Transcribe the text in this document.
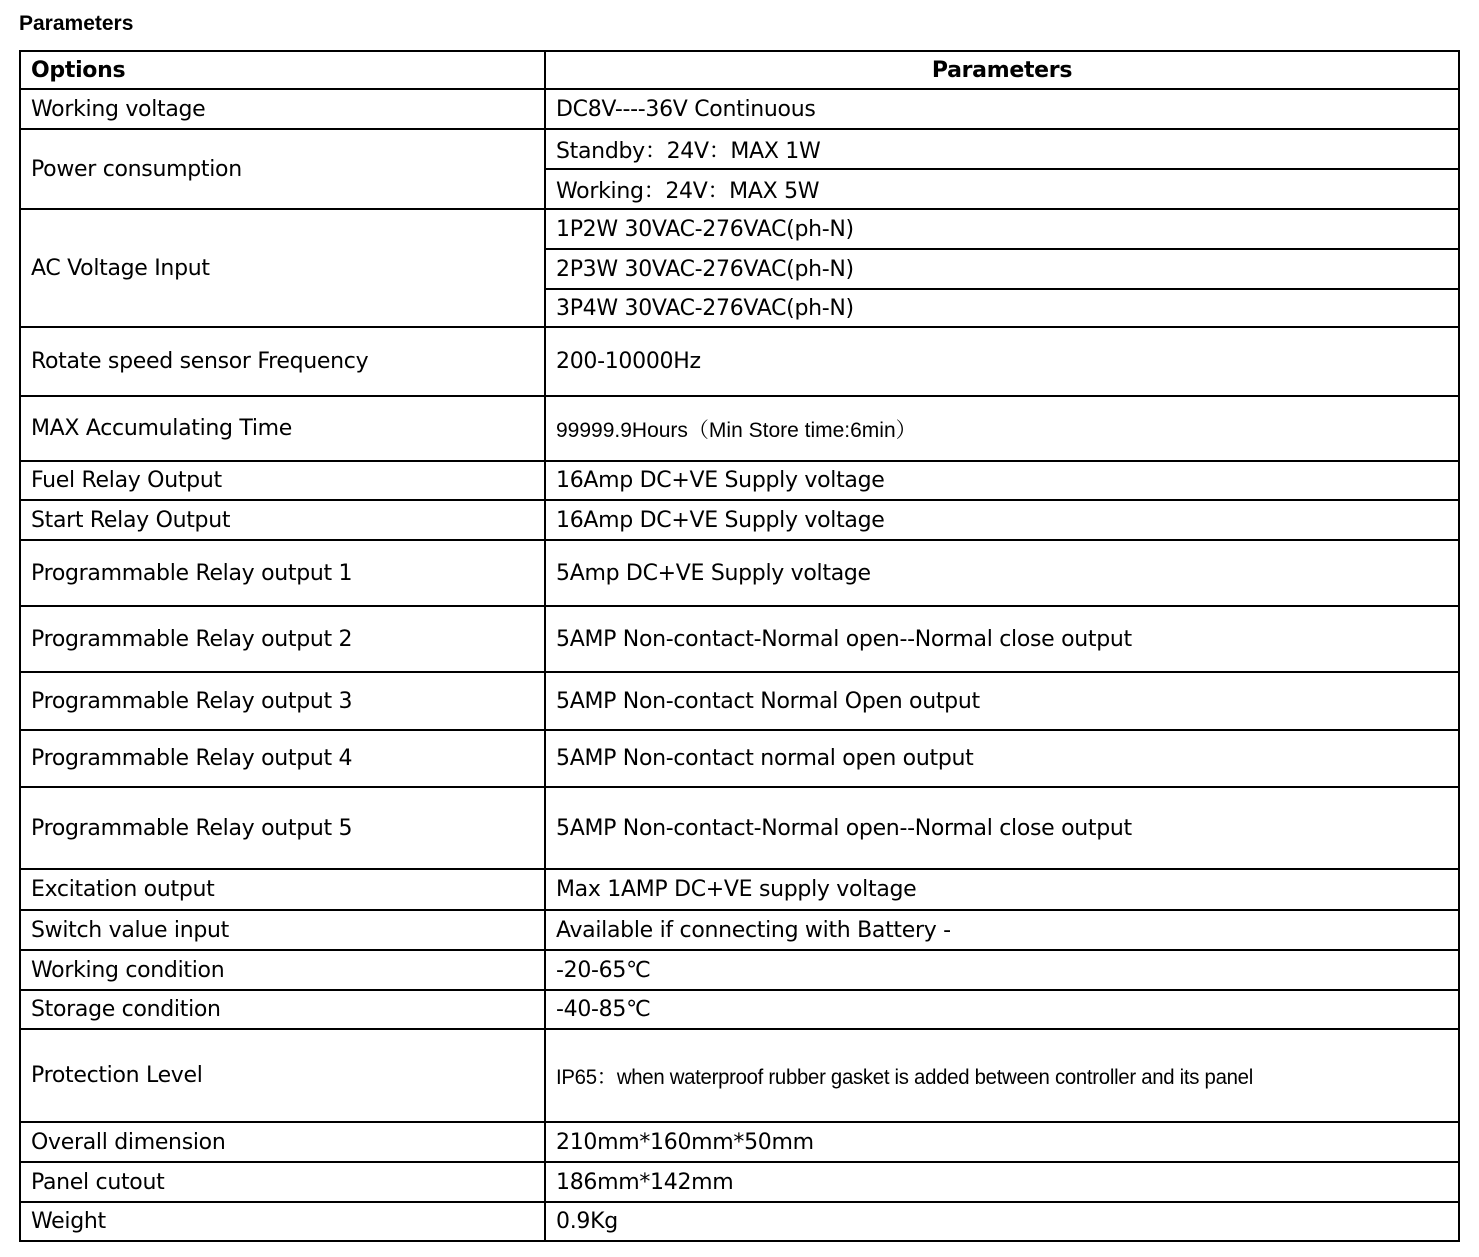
Parameters
Options	Parameters
Working voltage	DC8V----36V Continuous
Power consumption	Standby：24V：MAX 1W
	Working：24V：MAX 5W
AC Voltage Input	1P2W 30VAC-276VAC(ph-N)
	2P3W 30VAC-276VAC(ph-N)
	3P4W 30VAC-276VAC(ph-N)
Rotate speed sensor Frequency	200-10000Hz
MAX Accumulating Time	99999.9Hours（Min Store time:6min）
Fuel Relay Output	16Amp DC+VE Supply voltage
Start Relay Output	16Amp DC+VE Supply voltage
Programmable Relay output 1	5Amp DC+VE Supply voltage
Programmable Relay output 2	5AMP Non-contact-Normal open--Normal close output
Programmable Relay output 3	5AMP Non-contact Normal Open output
Programmable Relay output 4	5AMP Non-contact normal open output
Programmable Relay output 5	5AMP Non-contact-Normal open--Normal close output
Excitation output	Max 1AMP DC+VE supply voltage
Switch value input	Available if connecting with Battery -
Working condition	-20-65℃
Storage condition	-40-85℃
Protection Level	IP65：when waterproof rubber gasket is added between controller and its panel
Overall dimension	210mm*160mm*50mm
Panel cutout	186mm*142mm
Weight	0.9Kg
